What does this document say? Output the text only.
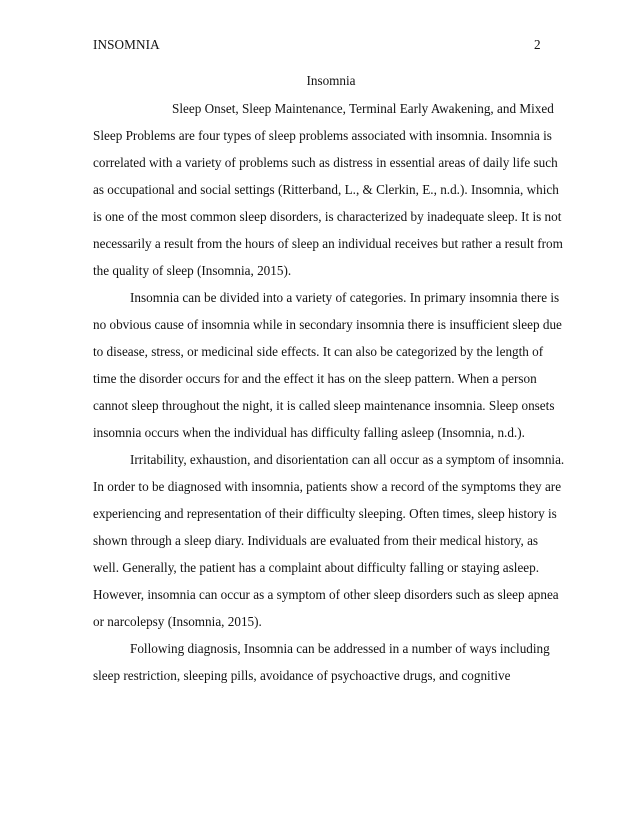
INSOMNIA	2
Insomnia
Sleep Onset, Sleep Maintenance, Terminal Early Awakening, and Mixed
Sleep Problems are four types of sleep problems associated with insomnia. Insomnia is
correlated with a variety of problems such as distress in essential areas of daily life such
as occupational and social settings (Ritterband, L., & Clerkin, E., n.d.). Insomnia, which
is one of the most common sleep disorders, is characterized by inadequate sleep. It is not
necessarily a result from the hours of sleep an individual receives but rather a result from
the quality of sleep (Insomnia, 2015).
Insomnia can be divided into a variety of categories. In primary insomnia there is
no obvious cause of insomnia while in secondary insomnia there is insufficient sleep due
to disease, stress, or medicinal side effects. It can also be categorized by the length of
time the disorder occurs for and the effect it has on the sleep pattern. When a person
cannot sleep throughout the night, it is called sleep maintenance insomnia. Sleep onsets
insomnia occurs when the individual has difficulty falling asleep (Insomnia, n.d.).
Irritability, exhaustion, and disorientation can all occur as a symptom of insomnia.
In order to be diagnosed with insomnia, patients show a record of the symptoms they are
experiencing and representation of their difficulty sleeping. Often times, sleep history is
shown through a sleep diary. Individuals are evaluated from their medical history, as
well. Generally, the patient has a complaint about difficulty falling or staying asleep.
However, insomnia can occur as a symptom of other sleep disorders such as sleep apnea
or narcolepsy (Insomnia, 2015).
Following diagnosis, Insomnia can be addressed in a number of ways including
sleep restriction, sleeping pills, avoidance of psychoactive drugs, and cognitive
